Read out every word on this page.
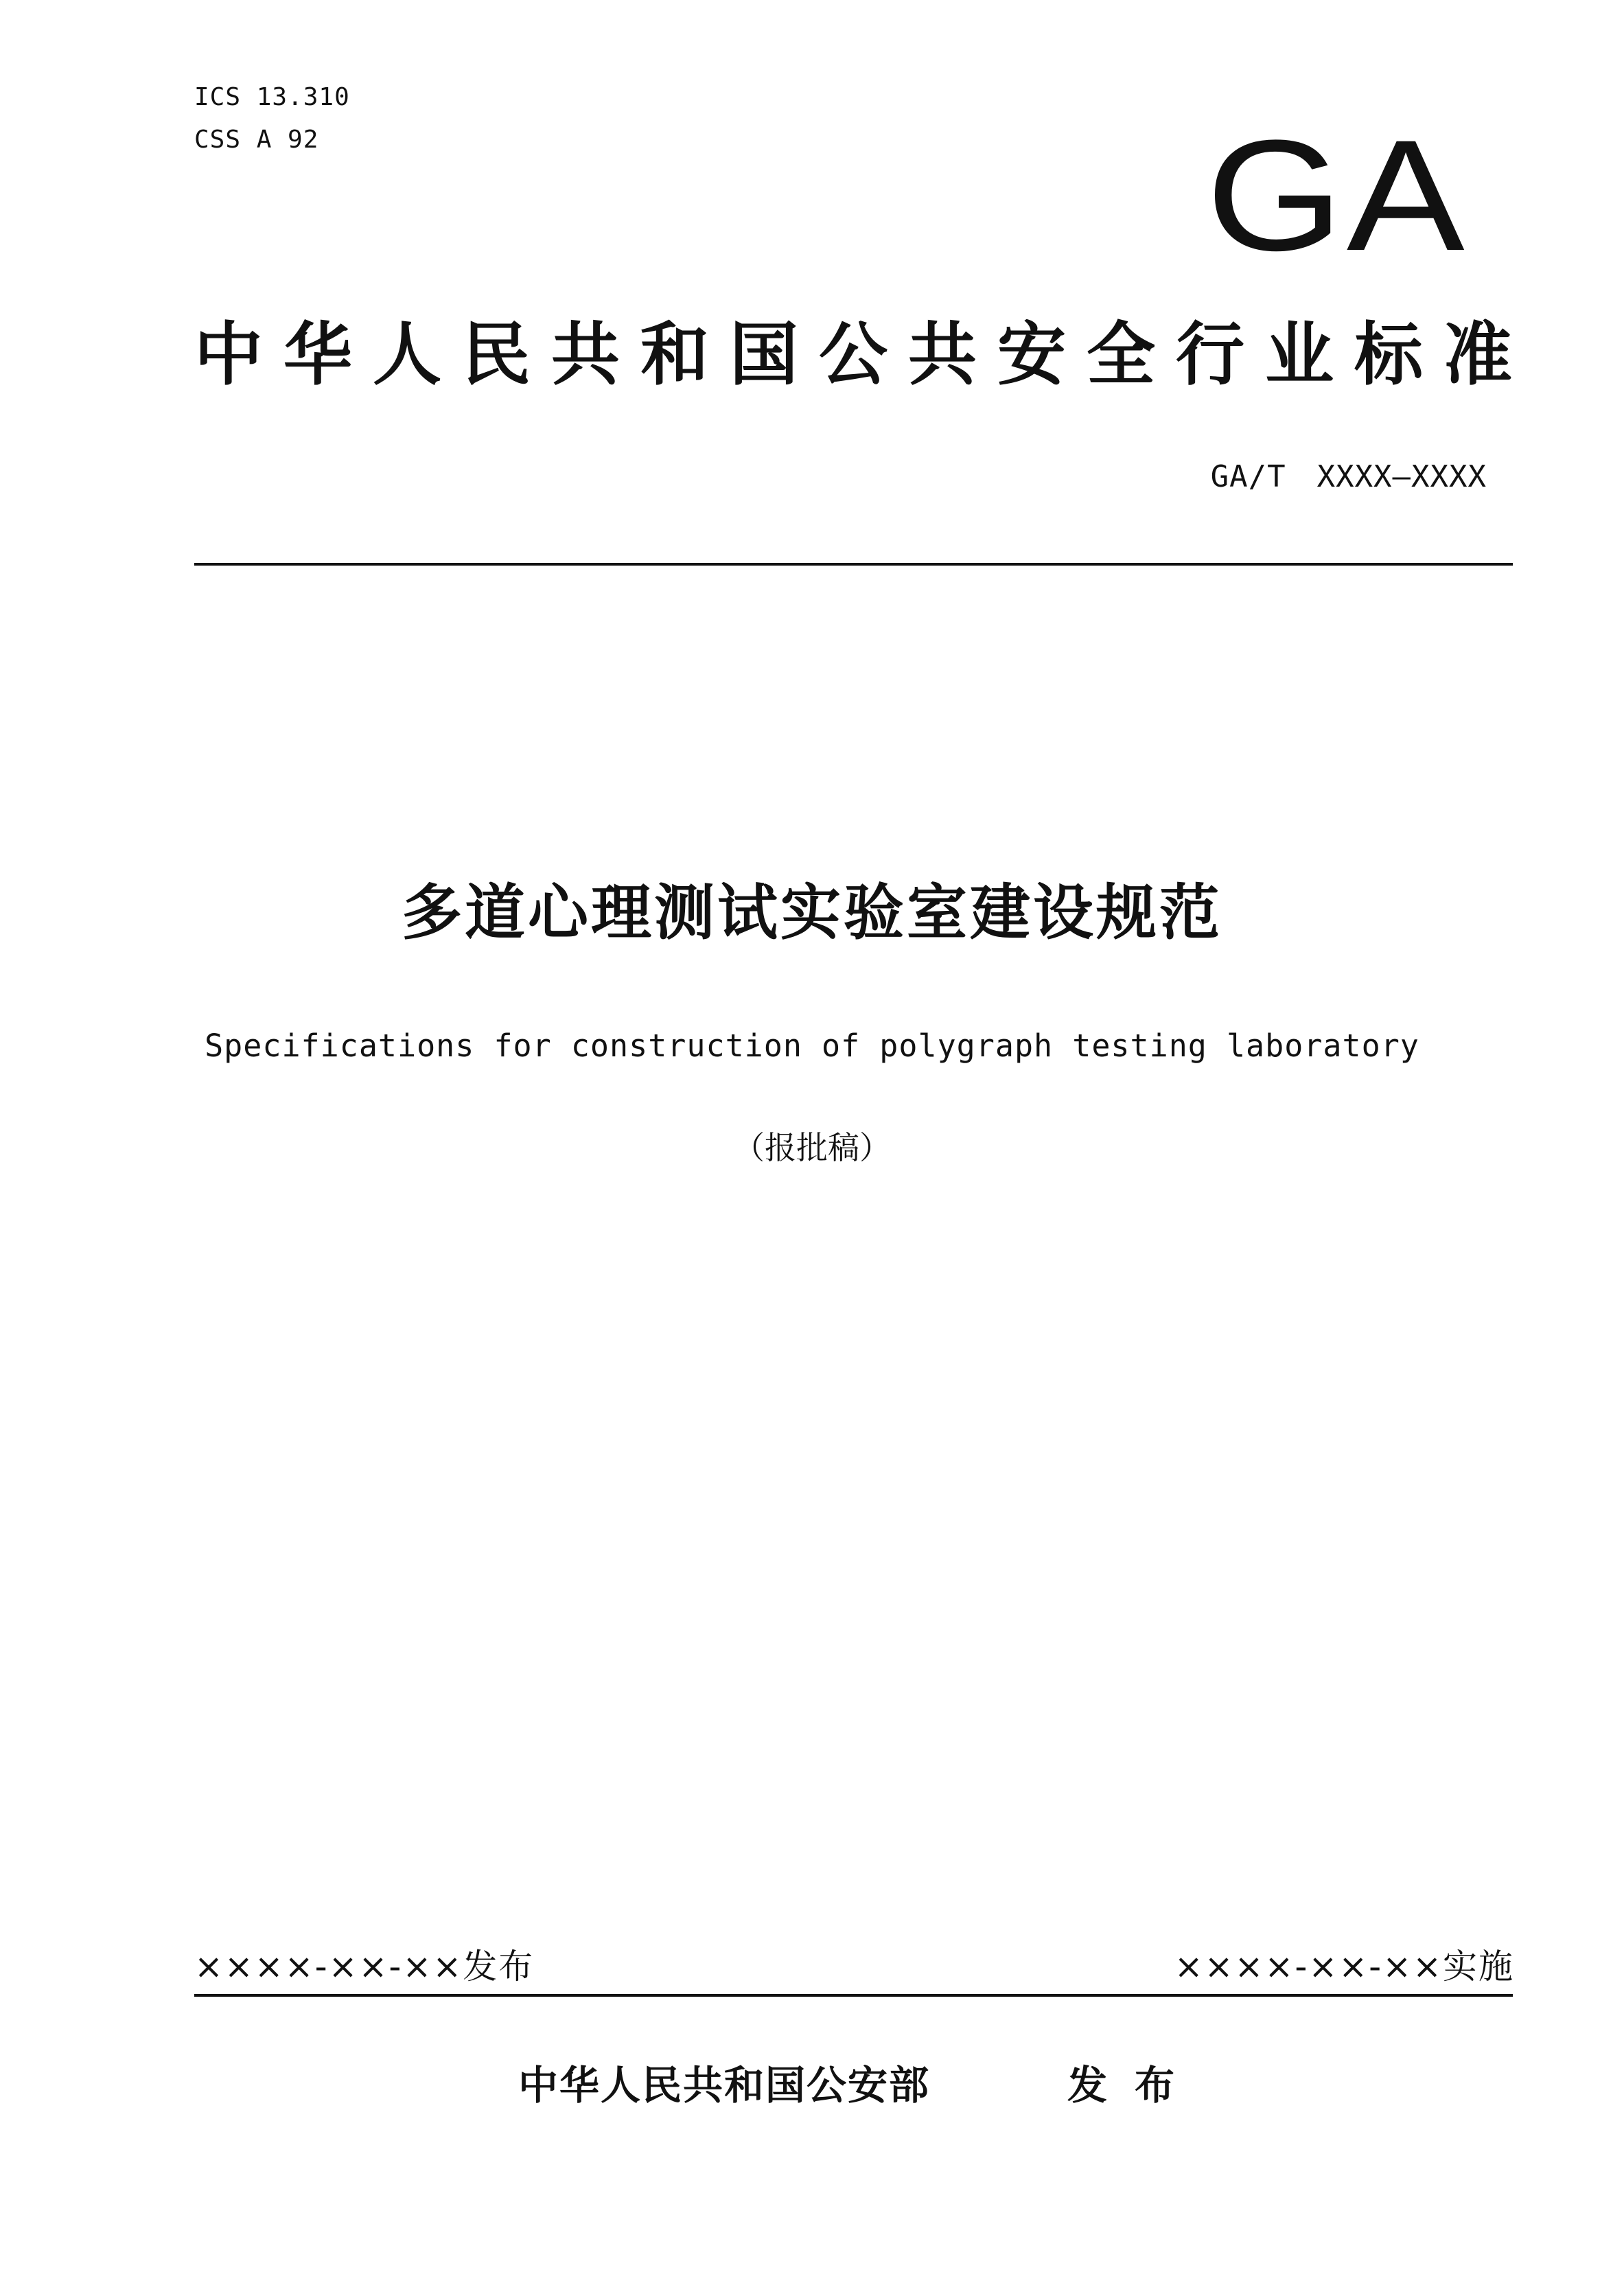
ICS 13.310
CSS A 92	GA
中 华 人 民 共 和 国 公 共 安 全 行 业 标 准
GA/T　XXXX—XXXX
多道心理测试实验室建设规范
Specifications for construction of polygraph testing laboratory
（报批稿）
××××-××-××发布	××××-××-××实施
中华人民共和国公安部	发布
